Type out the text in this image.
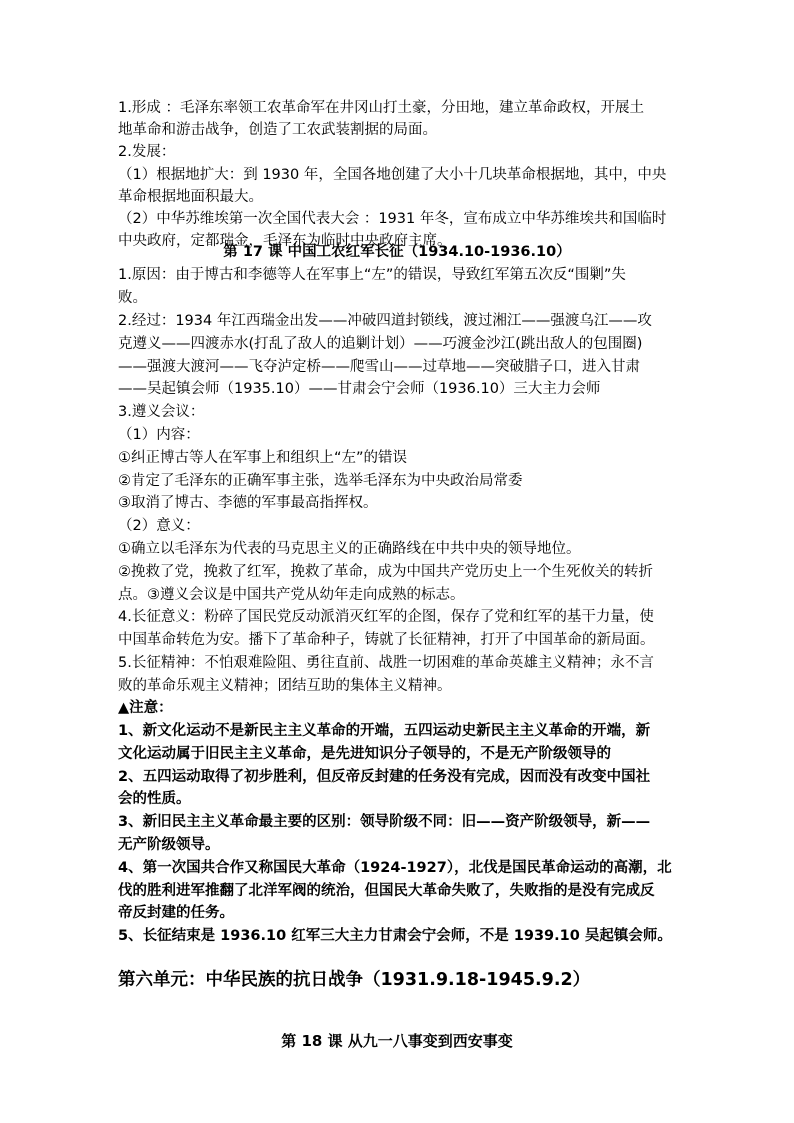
1.形成 ：毛泽东率领工农革命军在井冈山打土豪，分田地，建立革命政权，开展土
地革命和游击战争，创造了工农武装割据的局面。
2.发展：
（1）根据地扩大：到 1930 年，全国各地创建了大小十几块革命根据地，其中，中央
革命根据地面积最大。
（2）中华苏维埃第一次全国代表大会 ：1931 年冬，宣布成立中华苏维埃共和国临时
中央政府，定都瑞金，毛泽东为临时中央政府主席。
第 17 课 中国工农红军长征（1934.10-1936.10）
1.原因：由于博古和李德等人在军事上“左”的错误，导致红军第五次反“围剿”失
败。
2.经过：1934 年江西瑞金出发——冲破四道封锁线，渡过湘江——强渡乌江——攻
克遵义——四渡赤水(打乱了敌人的追剿计划）——巧渡金沙江(跳出敌人的包围圈)
——强渡大渡河——飞夺泸定桥——爬雪山——过草地——突破腊子口，进入甘肃
——吴起镇会师（1935.10）——甘肃会宁会师（1936.10）三大主力会师
3.遵义会议：
（1）内容：
①纠正博古等人在军事上和组织上“左”的错误
②肯定了毛泽东的正确军事主张，选举毛泽东为中央政治局常委
③取消了博古、李德的军事最高指挥权。
（2）意义：
①确立以毛泽东为代表的马克思主义的正确路线在中共中央的领导地位。
②挽救了党，挽救了红军，挽救了革命，成为中国共产党历史上一个生死攸关的转折
点。③遵义会议是中国共产党从幼年走向成熟的标志。
4.长征意义：粉碎了国民党反动派消灭红军的企图，保存了党和红军的基干力量，使
中国革命转危为安。播下了革命种子，铸就了长征精神，打开了中国革命的新局面。
5.长征精神：不怕艰难险阻、勇往直前、战胜一切困难的革命英雄主义精神；永不言
败的革命乐观主义精神；团结互助的集体主义精神。
▲注意：
1、新文化运动不是新民主主义革命的开端，五四运动史新民主主义革命的开端，新
文化运动属于旧民主主义革命，是先进知识分子领导的，不是无产阶级领导的
2、五四运动取得了初步胜利，但反帝反封建的任务没有完成，因而没有改变中国社
会的性质。
3、新旧民主主义革命最主要的区别：领导阶级不同：旧——资产阶级领导，新——
无产阶级领导。
4、第一次国共合作又称国民大革命（1924-1927），北伐是国民革命运动的高潮，北
伐的胜利进军推翻了北洋军阀的统治，但国民大革命失败了，失败指的是没有完成反
帝反封建的任务。
5、长征结束是 1936.10 红军三大主力甘肃会宁会师，不是 1939.10 吴起镇会师。
第六单元：中华民族的抗日战争（1931.9.18-1945.9.2）
第 18 课 从九一八事变到西安事变
